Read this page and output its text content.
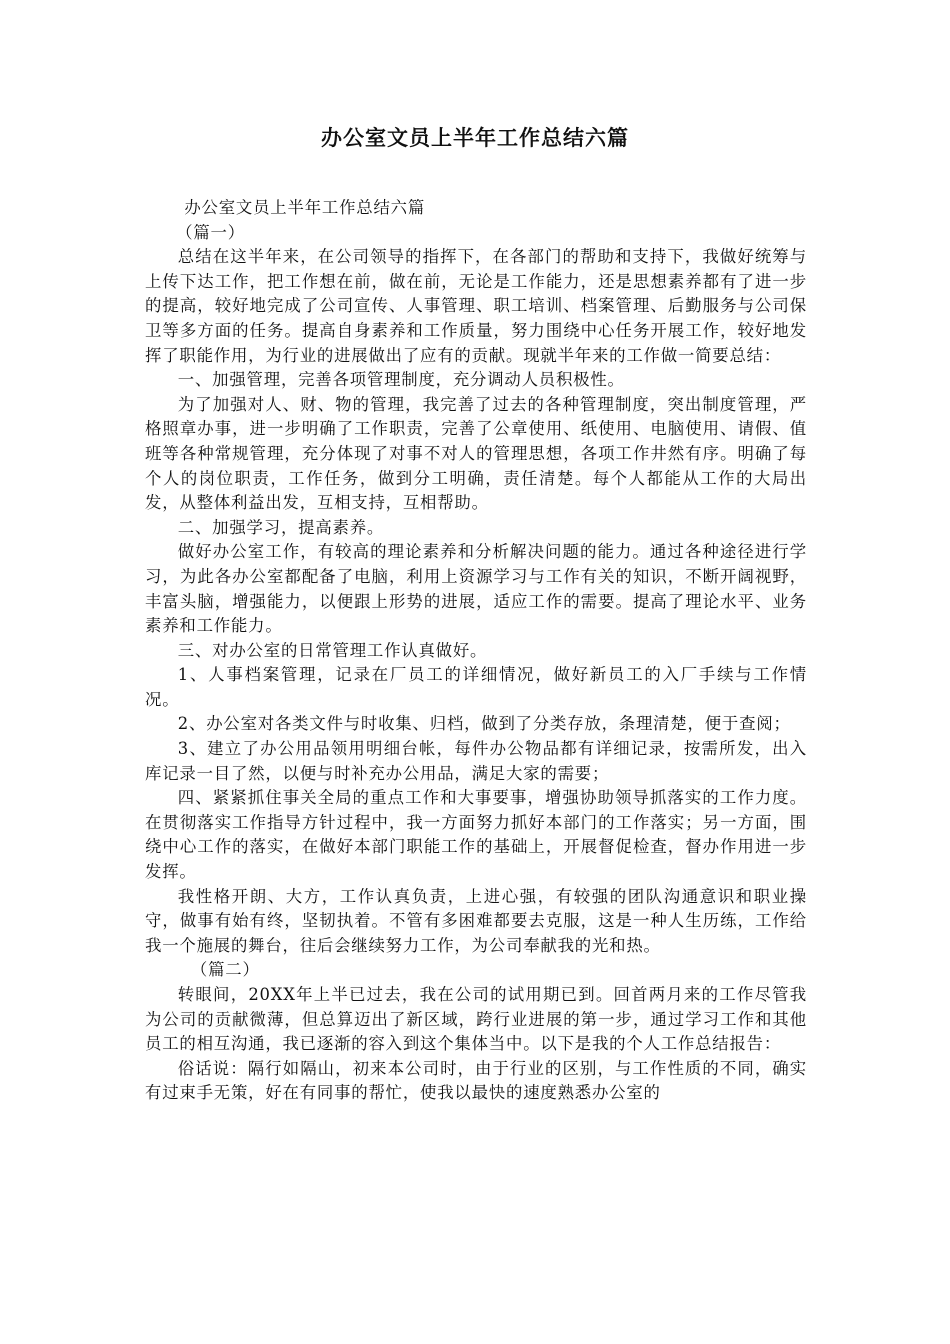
办公室文员上半年工作总结六篇

办公室文员上半年工作总结六篇

（篇一）

总结在这半年来，在公司领导的指挥下，在各部门的帮助和支持下，我做好统筹与上传下达工作，把工作想在前，做在前，无论是工作能力，还是思想素养都有了进一步的提高，较好地完成了公司宣传、人事管理、职工培训、档案管理、后勤服务与公司保卫等多方面的任务。提高自身素养和工作质量，努力围绕中心任务开展工作，较好地发挥了职能作用，为行业的进展做出了应有的贡献。现就半年来的工作做一简要总结：

一、加强管理，完善各项管理制度，充分调动人员积极性。

为了加强对人、财、物的管理，我完善了过去的各种管理制度，突出制度管理，严格照章办事，进一步明确了工作职责，完善了公章使用、纸使用、电脑使用、请假、值班等各种常规管理，充分体现了对事不对人的管理思想，各项工作井然有序。明确了每个人的岗位职责，工作任务，做到分工明确，责任清楚。每个人都能从工作的大局出发，从整体利益出发，互相支持，互相帮助。

二、加强学习，提高素养。

做好办公室工作，有较高的理论素养和分析解决问题的能力。通过各种途径进行学习，为此各办公室都配备了电脑，利用上资源学习与工作有关的知识，不断开阔视野，丰富头脑，增强能力，以便跟上形势的进展，适应工作的需要。提高了理论水平、业务素养和工作能力。

三、对办公室的日常管理工作认真做好。

1、人事档案管理，记录在厂员工的详细情况，做好新员工的入厂手续与工作情况。

2、办公室对各类文件与时收集、归档，做到了分类存放，条理清楚，便于查阅；

3、建立了办公用品领用明细台帐，每件办公物品都有详细记录，按需所发，出入库记录一目了然，以便与时补充办公用品，满足大家的需要；

四、紧紧抓住事关全局的重点工作和大事要事，增强协助领导抓落实的工作力度。在贯彻落实工作指导方针过程中，我一方面努力抓好本部门的工作落实；另一方面，围绕中心工作的落实，在做好本部门职能工作的基础上，开展督促检查，督办作用进一步发挥。

我性格开朗、大方，工作认真负责，上进心强，有较强的团队沟通意识和职业操守，做事有始有终，坚韧执着。不管有多困难都要去克服，这是一种人生历练，工作给我一个施展的舞台，往后会继续努力工作，为公司奉献我的光和热。

（篇二）

转眼间，20XX年上半已过去，我在公司的试用期已到。回首两月来的工作尽管我为公司的贡献微薄，但总算迈出了新区域，跨行业进展的第一步，通过学习工作和其他员工的相互沟通，我已逐渐的容入到这个集体当中。以下是我的个人工作总结报告：

俗话说：隔行如隔山，初来本公司时，由于行业的区别，与工作性质的不同，确实有过束手无策，好在有同事的帮忙，使我以最快的速度熟悉办公室的
